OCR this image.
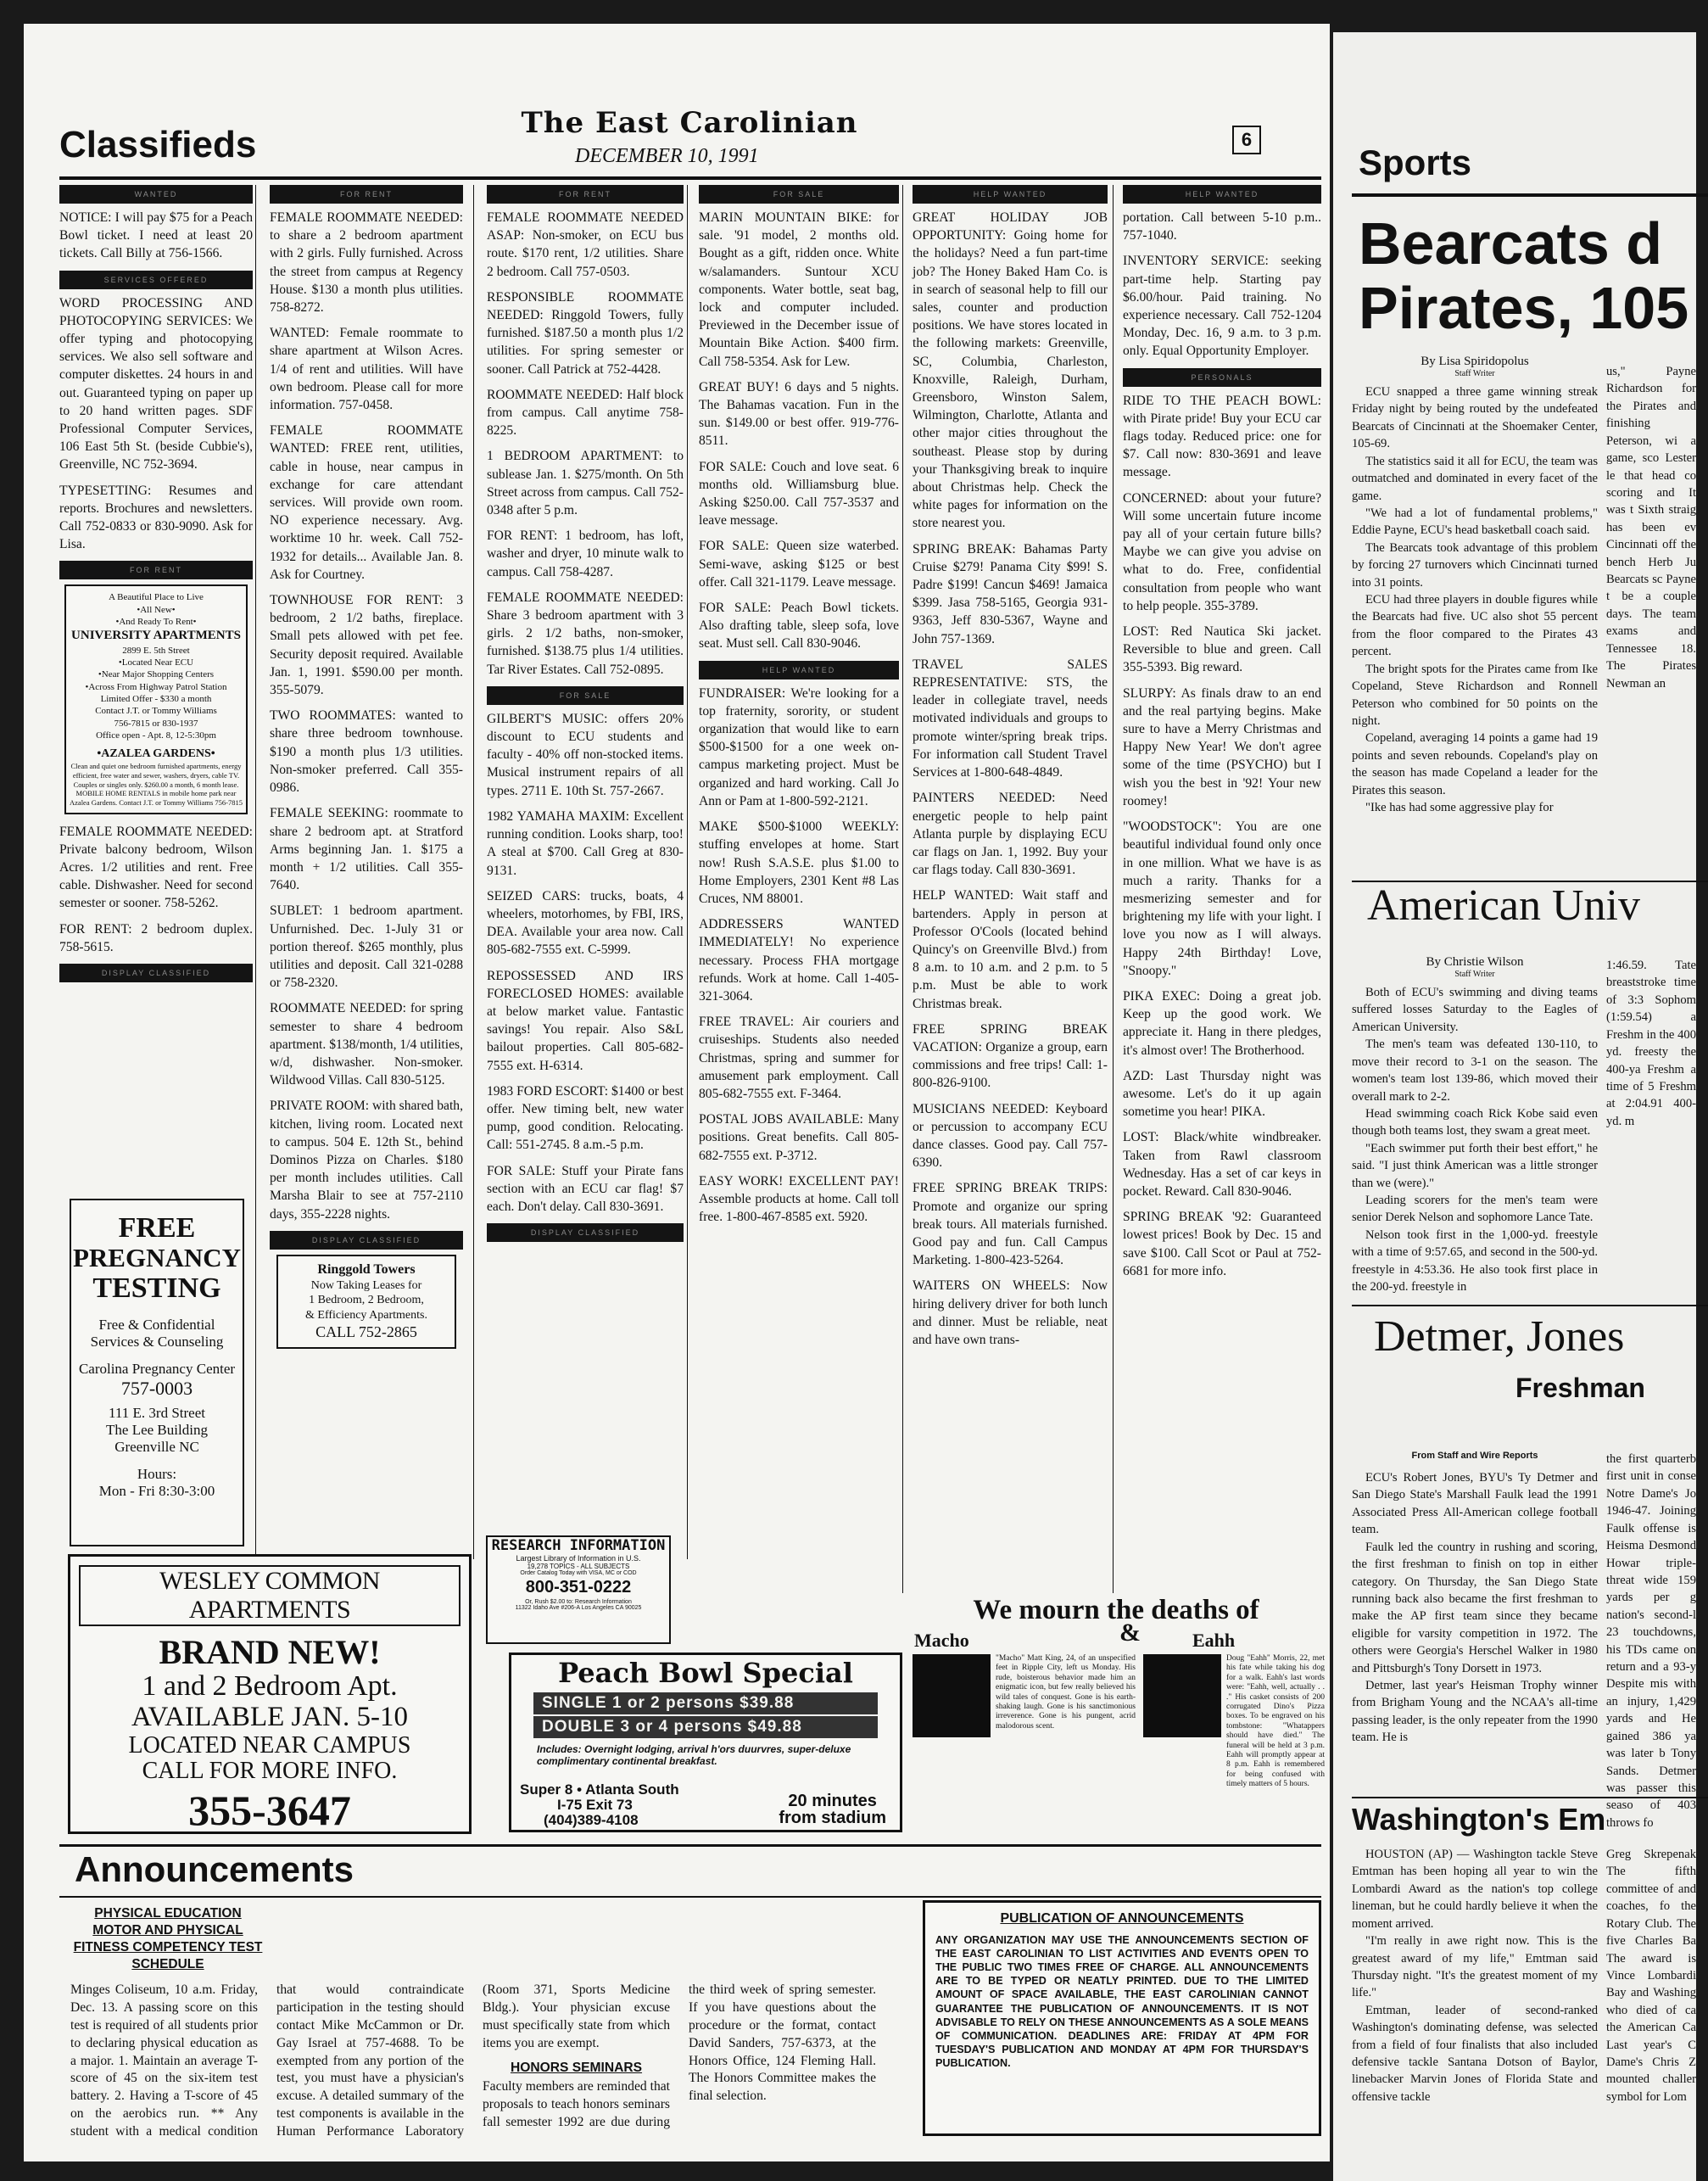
The East Carolinian
Classifieds	DECEMBER 10, 1991
6
WANTED

NOTICE: I will pay $75 for a Peach Bowl ticket. I need at least 20 tickets. Call Billy at 756-1566.

SERVICES OFFERED

WORD PROCESSING AND PHOTOCOPYING SERVICES: We offer typing and photocopying services. We also sell software and computer diskettes. 24 hours in and out. Guaranteed typing on paper up to 20 hand written pages. SDF Professional Computer Services, 106 East 5th St. (beside Cubbie's), Greenville, NC 752-3694.

TYPESETTING: Resumes and reports. Brochures and newsletters. Call 752-0833 or 830-9090. Ask for Lisa.

FOR RENT
A Beautiful Place to Live
•All New•
•And Ready To Rent•
UNIVERSITY APARTMENTS
2899 E. 5th Street
•Located Near ECU
•Near Major Shopping Centers
•Across From Highway Patrol Station
Limited Offer - $330 a month
Contact J.T. or Tommy Williams
756-7815 or 830-1937
Office open - Apt. 8, 12-5:30pm
•AZALEA GARDENS•
Clean and quiet one bedroom furnished apartments, energy efficient, free water and sewer, washers, dryers, cable TV. Couples or singles only. $260.00 a month, 6 month lease. MOBILE HOME RENTALS in mobile home park near Azalea Gardens. Contact J.T. or Tommy Williams 756-7815

FEMALE ROOMMATE NEEDED: Private balcony bedroom, Wilson Acres. 1/2 utilities and rent. Free cable. Dishwasher. Need for second semester or sooner. 758-5262.

FOR RENT: 2 bedroom duplex. 758-5615.

DISPLAY CLASSIFIED
FREE
PREGNANCY
TESTING
Free & Confidential Services & Counseling
Carolina Pregnancy Center
757-0003
111 E. 3rd Street
The Lee Building
Greenville NC
Hours:
Mon - Fri 8:30-3:00
FOR RENT

FEMALE ROOMMATE NEEDED: to share a 2 bedroom apartment with 2 girls. Fully furnished. Across the street from campus at Regency House. $130 a month plus utilities. 758-8272.

WANTED: Female roommate to share apartment at Wilson Acres. 1/4 of rent and utilities. Will have own bedroom. Please call for more information. 757-0458.

FEMALE ROOMMATE WANTED: FREE rent, utilities, cable in house, near campus in exchange for care attendant services. Will provide own room. NO experience necessary. Avg. worktime 10 hr. week. Call 752-1932 for details... Available Jan. 8. Ask for Courtney.

TOWNHOUSE FOR RENT: 3 bedroom, 2 1/2 baths, fireplace. Small pets allowed with pet fee. Security deposit required. Available Jan. 1, 1991. $590.00 per month. 355-5079.

TWO ROOMMATES: wanted to share three bedroom townhouse. $190 a month plus 1/3 utilities. Non-smoker preferred. Call 355-0986.

FEMALE SEEKING: roommate to share 2 bedroom apt. at Stratford Arms beginning Jan. 1. $175 a month + 1/2 utilities. Call 355-7640.

SUBLET: 1 bedroom apartment. Unfurnished. Dec. 1-July 31 or portion thereof. $265 monthly, plus utilities and deposit. Call 321-0288 or 758-2320.

ROOMMATE NEEDED: for spring semester to share 4 bedroom apartment. $138/month, 1/4 utilities, w/d, dishwasher. Non-smoker. Wildwood Villas. Call 830-5125.

PRIVATE ROOM: with shared bath, kitchen, living room. Located next to campus. 504 E. 12th St., behind Dominos Pizza on Charles. $180 per month includes utilities. Call Marsha Blair to see at 757-2110 days, 355-2228 nights.

DISPLAY CLASSIFIED
Ringgold Towers
Now Taking Leases for
1 Bedroom, 2 Bedroom,
& Efficiency Apartments.
CALL 752-2865
FOR RENT

FEMALE ROOMMATE NEEDED ASAP: Non-smoker, on ECU bus route. $170 rent, 1/2 utilities. Share 2 bedroom. Call 757-0503.

RESPONSIBLE ROOMMATE NEEDED: Ringgold Towers, fully furnished. $187.50 a month plus 1/2 utilities. For spring semester or sooner. Call Patrick at 752-4428.

ROOMMATE NEEDED: Half block from campus. Call anytime 758-8225.

1 BEDROOM APARTMENT: to sublease Jan. 1. $275/month. On 5th Street across from campus. Call 752-0348 after 5 p.m.

FOR RENT: 1 bedroom, has loft, washer and dryer, 10 minute walk to campus. Call 758-4287.

FEMALE ROOMMATE NEEDED: Share 3 bedroom apartment with 3 girls. 2 1/2 baths, non-smoker, furnished. $138.75 plus 1/4 utilities. Tar River Estates. Call 752-0895.

FOR SALE

GILBERT'S MUSIC: offers 20% discount to ECU students and faculty - 40% off non-stocked items. Musical instrument repairs of all types. 2711 E. 10th St. 757-2667.

1982 YAMAHA MAXIM: Excellent running condition. Looks sharp, too! A steal at $700. Call Greg at 830-9131.

SEIZED CARS: trucks, boats, 4 wheelers, motorhomes, by FBI, IRS, DEA. Available your area now. Call 805-682-7555 ext. C-5999.

REPOSSESSED AND IRS FORECLOSED HOMES: available at below market value. Fantastic savings! You repair. Also S&L bailout properties. Call 805-682-7555 ext. H-6314.

1983 FORD ESCORT: $1400 or best offer. New timing belt, new water pump, good condition. Relocating. Call: 551-2745. 8 a.m.-5 p.m.

FOR SALE: Stuff your Pirate fans section with an ECU car flag! $7 each. Don't delay. Call 830-3691.

DISPLAY CLASSIFIED
RESEARCH INFORMATION
Largest Library of Information in U.S.
19,278 TOPICS - ALL SUBJECTS
Order Catalog Today with VISA, MC or COD
800-351-0222
Or, Rush $2.00 to: Research Information
11322 Idaho Ave #206-A Los Angeles CA 90025
Peach Bowl Special
SINGLE 1 or 2 persons $39.88
DOUBLE 3 or 4 persons $49.88
Includes: Overnight lodging, arrival h'ors duurvres, super-deluxe complimentary continental breakfast.
Super 8 • Atlanta South
I-75 Exit 73
(404)389-4108
20 minutes
from stadium
FOR SALE

MARIN MOUNTAIN BIKE: for sale. '91 model, 2 months old. Bought as a gift, ridden once. White w/salamanders. Suntour XCU components. Water bottle, seat bag, lock and computer included. Previewed in the December issue of Mountain Bike Action. $400 firm. Call 758-5354. Ask for Lew.

GREAT BUY! 6 days and 5 nights. The Bahamas vacation. Fun in the sun. $149.00 or best offer. 919-776-8511.

FOR SALE: Couch and love seat. 6 months old. Williamsburg blue. Asking $250.00. Call 757-3537 and leave message.

FOR SALE: Queen size waterbed. Semi-wave, asking $125 or best offer. Call 321-1179. Leave message.

FOR SALE: Peach Bowl tickets. Also drafting table, sleep sofa, love seat. Must sell. Call 830-9046.

HELP WANTED

FUNDRAISER: We're looking for a top fraternity, sorority, or student organization that would like to earn $500-$1500 for a one week on-campus marketing project. Must be organized and hard working. Call Jo Ann or Pam at 1-800-592-2121.

MAKE $500-$1000 WEEKLY: stuffing envelopes at home. Start now! Rush S.A.S.E. plus $1.00 to Home Employers, 2301 Kent #8 Las Cruces, NM 88001.

ADDRESSERS WANTED IMMEDIATELY! No experience necessary. Process FHA mortgage refunds. Work at home. Call 1-405-321-3064.

FREE TRAVEL: Air couriers and cruiseships. Students also needed Christmas, spring and summer for amusement park employment. Call 805-682-7555 ext. F-3464.

POSTAL JOBS AVAILABLE: Many positions. Great benefits. Call 805-682-7555 ext. P-3712.

EASY WORK! EXCELLENT PAY! Assemble products at home. Call toll free. 1-800-467-8585 ext. 5920.

HELP WANTED

GREAT HOLIDAY JOB OPPORTUNITY: Going home for the holidays? Need a fun part-time job? The Honey Baked Ham Co. is in search of seasonal help to fill our sales, counter and production positions. We have stores located in the following markets: Greenville, SC, Columbia, Charleston, Knoxville, Raleigh, Durham, Greensboro, Winston Salem, Wilmington, Charlotte, Atlanta and other major cities throughout the southeast. Please stop by during your Thanksgiving break to inquire about Christmas help. Check the white pages for information on the store nearest you.

SPRING BREAK: Bahamas Party Cruise $279! Panama City $99! S. Padre $199! Cancun $469! Jamaica $399. Jasa 758-5165, Georgia 931-9363, Jeff 830-5367, Wayne and John 757-1369.

TRAVEL SALES REPRESENTATIVE: STS, the leader in collegiate travel, needs motivated individuals and groups to promote winter/spring break trips. For information call Student Travel Services at 1-800-648-4849.

PAINTERS NEEDED: Need energetic people to help paint Atlanta purple by displaying ECU car flags on Jan. 1, 1992. Buy your car flags today. Call 830-3691.

HELP WANTED: Wait staff and bartenders. Apply in person at Professor O'Cools (located behind Quincy's on Greenville Blvd.) from 8 a.m. to 10 a.m. and 2 p.m. to 5 p.m. Must be able to work Christmas break.

FREE SPRING BREAK VACATION: Organize a group, earn commissions and free trips! Call: 1-800-826-9100.

MUSICIANS NEEDED: Keyboard or percussion to accompany ECU dance classes. Good pay. Call 757-6390.

FREE SPRING BREAK TRIPS: Promote and organize our spring break tours. All materials furnished. Good pay and fun. Call Campus Marketing. 1-800-423-5264.

WAITERS ON WHEELS: Now hiring delivery driver for both lunch and dinner. Must be reliable, neat and have own trans-

HELP WANTED

portation. Call between 5-10 p.m.. 757-1040.

INVENTORY SERVICE: seeking part-time help. Starting pay $6.00/hour. Paid training. No experience necessary. Call 752-1204 Monday, Dec. 16, 9 a.m. to 3 p.m. only. Equal Opportunity Employer.

PERSONALS

RIDE TO THE PEACH BOWL: with Pirate pride! Buy your ECU car flags today. Reduced price: one for $7. Call now: 830-3691 and leave message.

CONCERNED: about your future? Will some uncertain future income pay all of your certain future bills? Maybe we can give you advise on what to do. Free, confidential consultation from people who want to help people. 355-3789.

LOST: Red Nautica Ski jacket. Reversible to blue and green. Call 355-5393. Big reward.

SLURPY: As finals draw to an end and the real partying begins. Make sure to have a Merry Christmas and Happy New Year! We don't agree some of the time (PSYCHO) but I wish you the best in '92! Your new roomey!

"WOODSTOCK": You are one beautiful individual found only once in one million. What we have is as much a rarity. Thanks for a mesmerizing semester and for brightening my life with your light. I love you now as I will always. Happy 24th Birthday! Love, "Snoopy."

PIKA EXEC: Doing a great job. Keep up the good work. We appreciate it. Hang in there pledges, it's almost over! The Brotherhood.

AZD: Last Thursday night was awesome. Let's do it up again sometime you hear! PIKA.

LOST: Black/white windbreaker. Taken from Rawl classroom Wednesday. Has a set of car keys in pocket. Reward. Call 830-9046.

SPRING BREAK '92: Guaranteed lowest prices! Book by Dec. 15 and save $100. Call Scot or Paul at 752-6681 for more info.

WESLEY COMMON APARTMENTS
BRAND NEW!
1 and 2 Bedroom Apt.
AVAILABLE JAN. 5-10
LOCATED NEAR CAMPUS
CALL FOR MORE INFO.
355-3647
We mourn the deaths of
Macho	&	Eahh
"Macho" Matt King, 24, of an unspecified feet in Ripple City, left us Monday. His rude, boisterous behavior made him an enigmatic icon, but few really believed his wild tales of conquest. Gone is his earth-shaking laugh. Gone is his sanctimonious irreverence. Gone is his pungent, acrid malodorous scent.
Doug "Eahh" Morris, 22, met his fate while taking his dog for a walk. Eahh's last words were: "Eahh, well, actually . . ." His casket consists of 200 corrugated Dino's Pizza boxes. To be engraved on his tombstone: "Whatappers should have died." The funeral will be held at 3 p.m. Eahh will promptly appear at 8 p.m. Eahh is remembered for being confused with timely matters of 5 hours.
Announcements
PHYSICAL EDUCATION MOTOR AND PHYSICAL FITNESS COMPETENCY TEST SCHEDULE
Minges Coliseum, 10 a.m. Friday, Dec. 13. A passing score on this test is required of all students prior to declaring physical education as a major. 1. Maintain an average T-score of 45 on the six-item test battery. 2. Having a T-score of 45 on the aerobics run. ** Any student with a medical condition that would contraindicate participation in the testing should contact Mike McCammon or Dr. Gay Israel at 757-4688. To be exempted from any portion of the test, you must have a physician's excuse. A detailed summary of the test components is available in the Human Performance Laboratory (Room 371, Sports Medicine Bldg.). Your physician excuse must specifically state from which items you are exempt.
HONORS SEMINARS
Faculty members are reminded that proposals to teach honors seminars fall semester 1992 are due during the third week of spring semester. If you have questions about the procedure or the format, contact David Sanders, 757-6373, at the Honors Office, 124 Fleming Hall. The Honors Committee makes the final selection.
PUBLICATION OF ANNOUNCEMENTS
ANY ORGANIZATION MAY USE THE ANNOUNCEMENTS SECTION OF THE EAST CAROLINIAN TO LIST ACTIVITIES AND EVENTS OPEN TO THE PUBLIC TWO TIMES FREE OF CHARGE. ALL ANNOUNCEMENTS ARE TO BE TYPED OR NEATLY PRINTED. DUE TO THE LIMITED AMOUNT OF SPACE AVAILABLE, THE EAST CAROLINIAN CANNOT GUARANTEE THE PUBLICATION OF ANNOUNCEMENTS. IT IS NOT ADVISABLE TO RELY ON THESE ANNOUNCEMENTS AS A SOLE MEANS OF COMMUNICATION. DEADLINES ARE: FRIDAY AT 4PM FOR TUESDAY'S PUBLICATION AND MONDAY AT 4PM FOR THURSDAY'S PUBLICATION.
Sports
Bearcats d
Pirates, 105
By Lisa Spiridopolus
Staff Writer

ECU snapped a three game winning streak Friday night by being routed by the undefeated Bearcats of Cincinnati at the Shoemaker Center, 105-69.

The statistics said it all for ECU, the team was outmatched and dominated in every facet of the game.

"We had a lot of fundamental problems," Eddie Payne, ECU's head basketball coach said.

The Bearcats took advantage of this problem by forcing 27 turnovers which Cincinnati turned into 31 points.

ECU had three players in double figures while the Bearcats had five. UC also shot 55 percent from the floor compared to the Pirates 43 percent.

The bright spots for the Pirates came from Ike Copeland, Steve Richardson and Ronnell Peterson who combined for 50 points on the night.

Copeland, averaging 14 points a game had 19 points and seven rebounds. Copeland's play on the season has made Copeland a leader for the Pirates this season.

"Ike has had some aggressive play for

us," Payne Richardson for the Pirates and finishing Peterson, wi a game, sco Lester le that head co scoring and It was t Sixth straig has been ev Cincinnati off the bench Herb Ju Bearcats sc Payne t be a couple days. The team exams and Tennessee 18. The Pirates Newman an
American Univ
By Christie Wilson
Staff Writer

Both of ECU's swimming and diving teams suffered losses Saturday to the Eagles of American University.

The men's team was defeated 130-110, to move their record to 3-1 on the season. The women's team lost 139-86, which moved their overall mark to 2-2.

Head swimming coach Rick Kobe said even though both teams lost, they swam a great meet.

"Each swimmer put forth their best effort," he said. "I just think American was a little stronger than we (were)."

Leading scorers for the men's team were senior Derek Nelson and sophomore Lance Tate.

Nelson took first in the 1,000-yd. freestyle with a time of 9:57.65, and second in the 500-yd. freestyle in 4:53.36. He also took first place in the 200-yd. freestyle in

1:46.59. Tate breaststroke time of 3:3 Sophom (1:59.54) a Freshm in the 400 yd. freesty the 400-ya Freshm a time of 5 Freshm at 2:04.91 400-yd. m
Detmer, Jones
Freshman
From Staff and Wire Reports

ECU's Robert Jones, BYU's Ty Detmer and San Diego State's Marshall Faulk lead the 1991 Associated Press All-American college football team.

Faulk led the country in rushing and scoring, the first freshman to finish on top in either category. On Thursday, the San Diego State running back also became the first freshman to make the AP first team since they became eligible for varsity competition in 1972. The others were Georgia's Herschel Walker in 1980 and Pittsburgh's Tony Dorsett in 1973.

Detmer, last year's Heisman Trophy winner from Brigham Young and the NCAA's all-time passing leader, is the only repeater from the 1990 team. He is

the first quarterb first unit in conse Notre Dame's Jo 1946-47. Joining Faulk offense is Heisma Desmond Howar triple-threat wide 159 yards per g nation's second-l 23 touchdowns, his TDs came on return and a 93-y Despite mis with an injury, 1,429 yards and He gained 386 ya was later b Tony Sands. Detmer was passer this seaso of 403 throws fo
Washington's Em

HOUSTON (AP) — Washington tackle Steve Emtman has been hoping all year to win the Lombardi Award as the nation's top college lineman, but he could hardly believe it when the moment arrived.

"I'm really in awe right now. This is the greatest award of my life," Emtman said Thursday night. "It's the greatest moment of my life."

Emtman, leader of second-ranked Washington's dominating defense, was selected from a field of four finalists that also included defensive tackle Santana Dotson of Baylor, linebacker Marvin Jones of Florida State and offensive tackle

Greg Skrepenak The fifth committee of and coaches, fo the Rotary Club. The five Charles Ba The award is Vince Lombardi Bay and Washing who died of ca the American Ca Last year's C Dame's Chris Z mounted challer symbol for Lom
